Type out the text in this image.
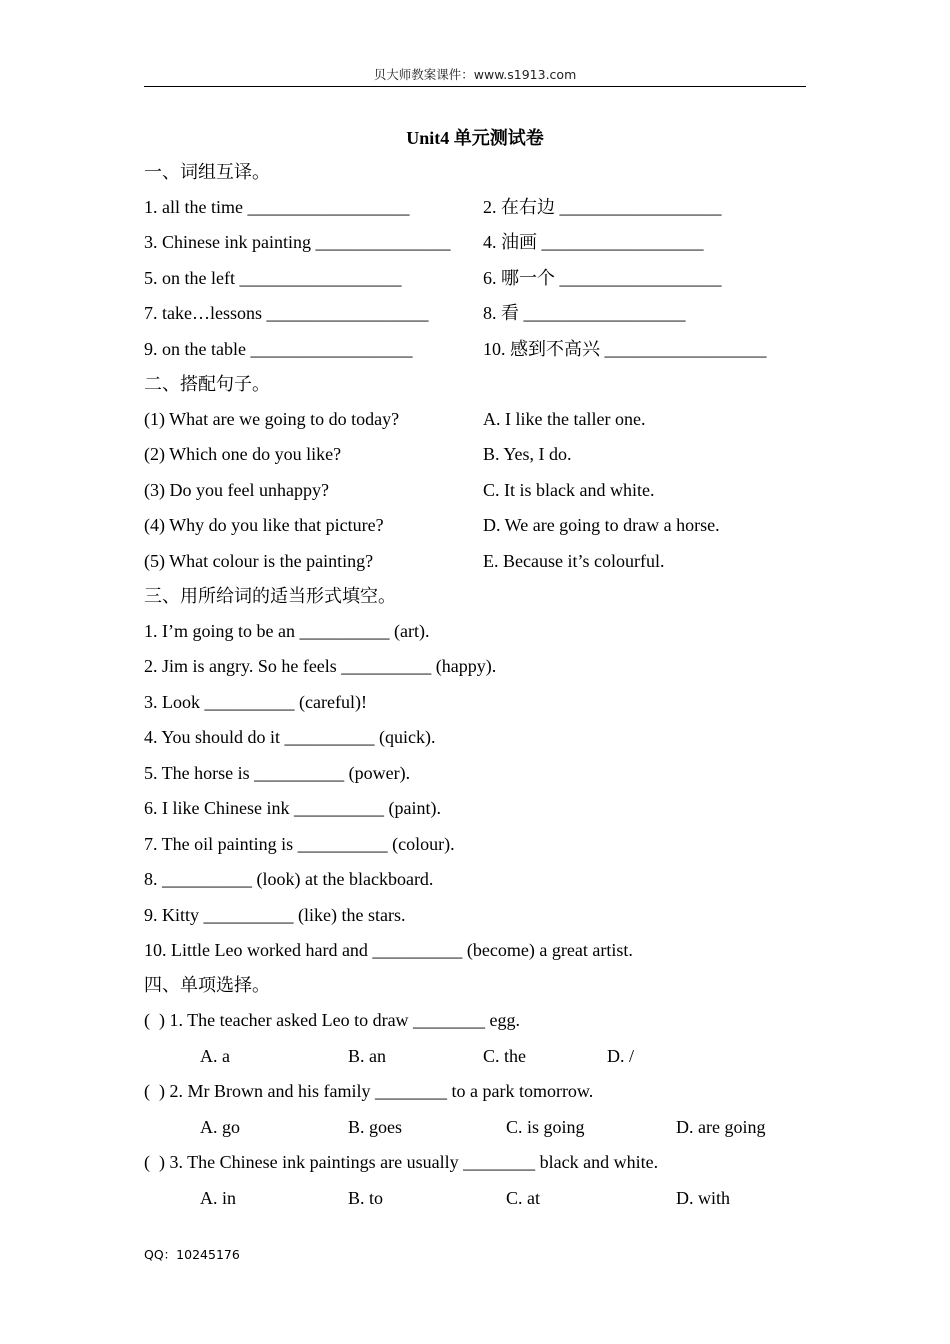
贝大师教案课件：www.s1913.com
Unit4 单元测试卷
一、词组互译。
1. all the time __________________	2. 在右边 __________________
3. Chinese ink painting _______________ 4. 油画 __________________
5. on the left __________________	6. 哪一个 __________________
7. take…lessons __________________	8. 看 __________________
9. on the table __________________	10. 感到不高兴 __________________
二、搭配句子。
(1) What are we going to do today?	A. I like the taller one.
(2) Which one do you like?	B. Yes, I do.
(3) Do you feel unhappy?	C. It is black and white.
(4) Why do you like that picture?	D. We are going to draw a horse.
(5) What colour is the painting?	E. Because it’s colourful.
三、用所给词的适当形式填空。
1. I’m going to be an __________ (art).
2. Jim is angry. So he feels __________ (happy).
3. Look __________ (careful)!
4. You should do it __________ (quick).
5. The horse is __________ (power).
6. I like Chinese ink __________ (paint).
7. The oil painting is __________ (colour).
8. __________ (look) at the blackboard.
9. Kitty __________ (like) the stars.
10. Little Leo worked hard and __________ (become) a great artist.
四、单项选择。
(  ) 1. The teacher asked Leo to draw ________ egg.
A. a	B. an	C. the	D. /
(  ) 2. Mr Brown and his family ________ to a park tomorrow.
A. go	B. goes	C. is going	D. are going
(  ) 3. The Chinese ink paintings are usually ________ black and white.
A. in	B. to	C. at	D. with
QQ：10245176
